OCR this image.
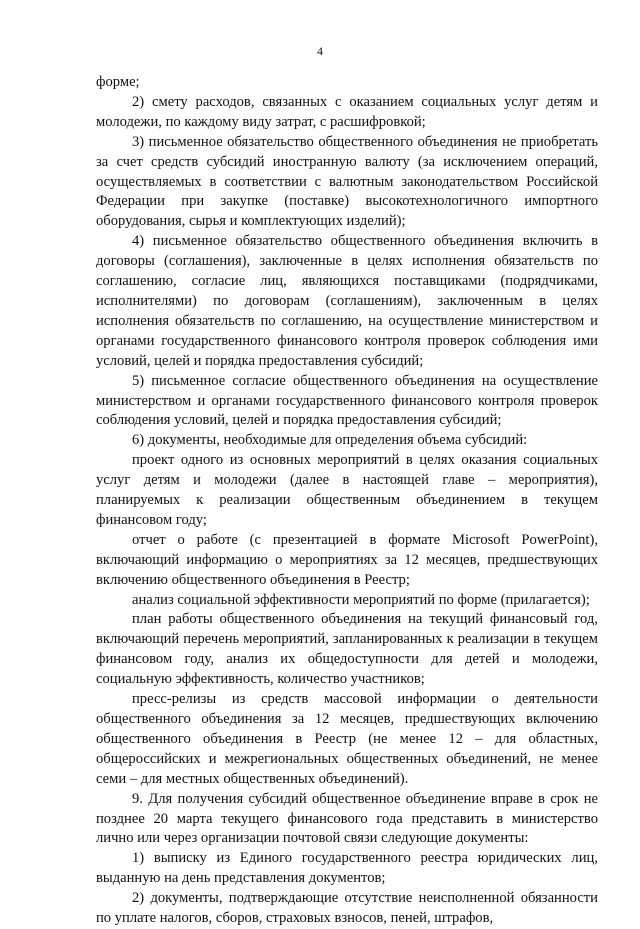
4

форме;

2) смету расходов, связанных с оказанием социальных услуг детям и молодежи, по каждому виду затрат, с расшифровкой;

3) письменное обязательство общественного объединения не приобретать за счет средств субсидий иностранную валюту (за исключением операций, осуществляемых в соответствии с валютным законодательством Российской Федерации при закупке (поставке) высокотехнологичного импортного оборудования, сырья и комплектующих изделий);

4) письменное обязательство общественного объединения включить в договоры (соглашения), заключенные в целях исполнения обязательств по соглашению, согласие лиц, являющихся поставщиками (подрядчиками, исполнителями) по договорам (соглашениям), заключенным в целях исполнения обязательств по соглашению, на осуществление министерством и органами государственного финансового контроля проверок соблюдения ими условий, целей и порядка предоставления субсидий;

5) письменное согласие общественного объединения на осуществление министерством и органами государственного финансового контроля проверок соблюдения условий, целей и порядка предоставления субсидий;

6) документы, необходимые для определения объема субсидий:

проект одного из основных мероприятий в целях оказания социальных услуг детям и молодежи (далее в настоящей главе – мероприятия), планируемых к реализации общественным объединением в текущем финансовом году;

отчет о работе (с презентацией в формате Microsoft PowerPoint), включающий информацию о мероприятиях за 12 месяцев, предшествующих включению общественного объединения в Реестр;

анализ социальной эффективности мероприятий по форме (прилагается);

план работы общественного объединения на текущий финансовый год, включающий перечень мероприятий, запланированных к реализации в текущем финансовом году, анализ их общедоступности для детей и молодежи, социальную эффективность, количество участников;

пресс-релизы из средств массовой информации о деятельности общественного объединения за 12 месяцев, предшествующих включению общественного объединения в Реестр (не менее 12 – для областных, общероссийских и межрегиональных общественных объединений, не менее семи – для местных общественных объединений).

9. Для получения субсидий общественное объединение вправе в срок не позднее 20 марта текущего финансового года представить в министерство лично или через организации почтовой связи следующие документы:

1) выписку из Единого государственного реестра юридических лиц, выданную на день представления документов;

2) документы, подтверждающие отсутствие неисполненной обязанности по уплате налогов, сборов, страховых взносов, пеней, штрафов,
